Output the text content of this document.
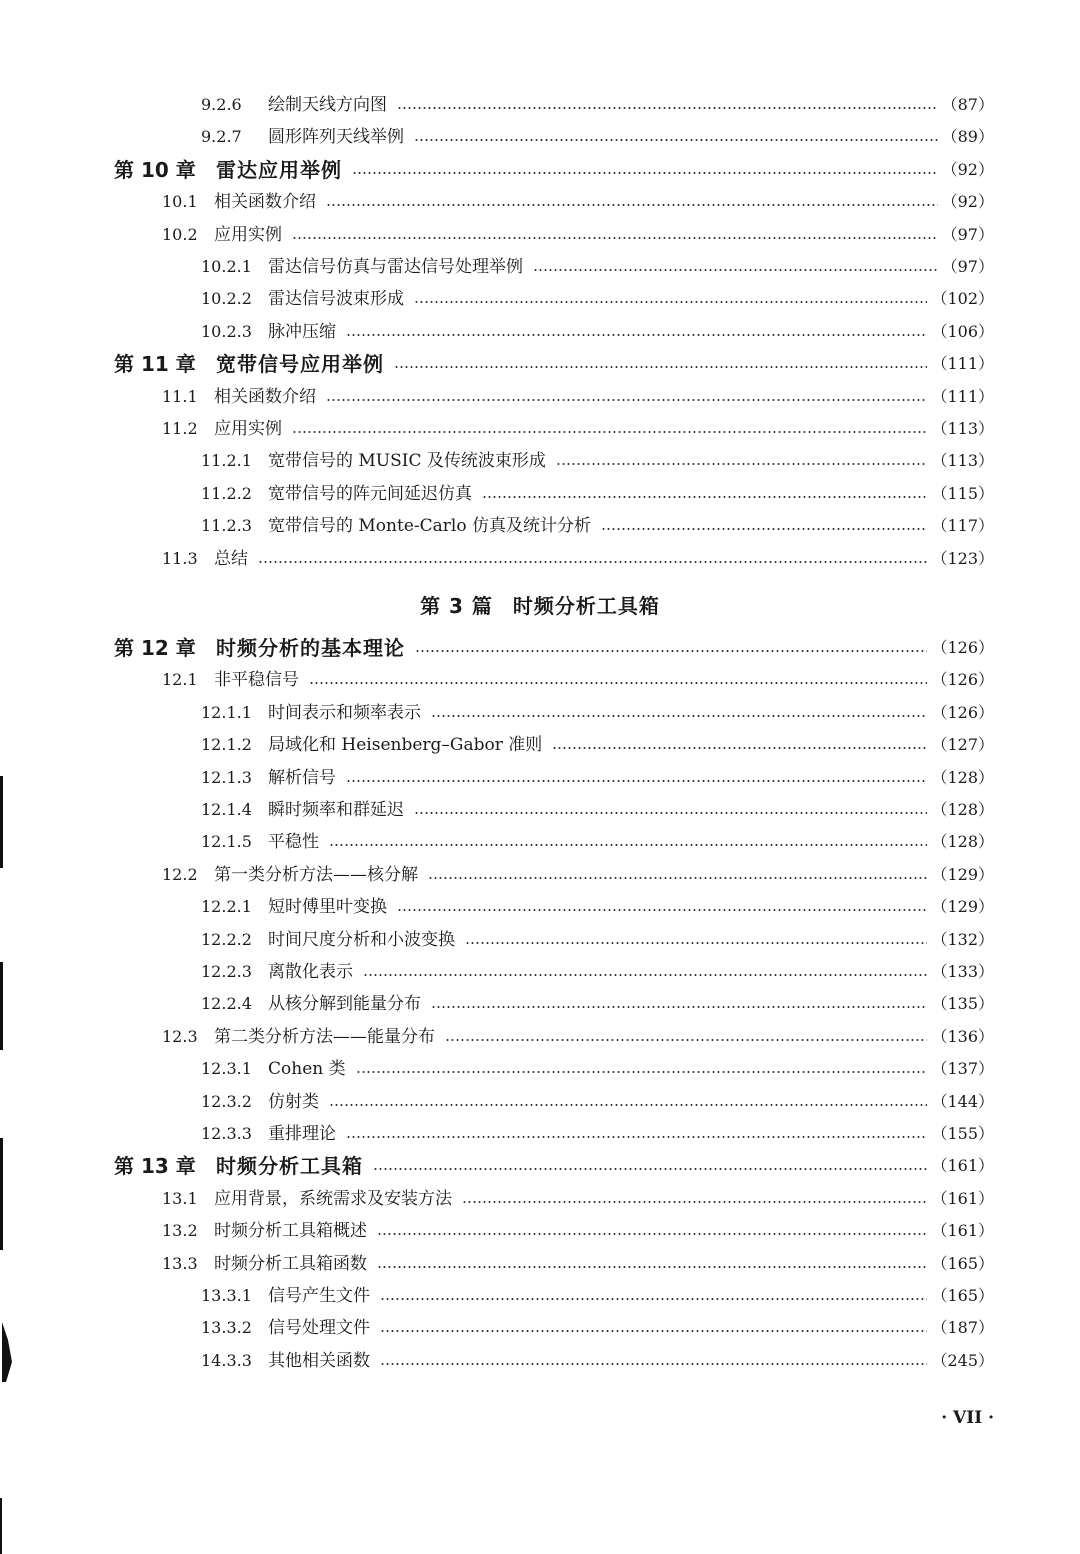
9.2.6	绘制天线方向图	（87）
9.2.7	圆形阵列天线举例	（89）
第 10 章	雷达应用举例	（92）
10.1 相关函数介绍	（92）
10.2 应用实例	（97）
10.2.1 雷达信号仿真与雷达信号处理举例	（97）
10.2.2 雷达信号波束形成	（102）
10.2.3 脉冲压缩	（106）
第 11 章	宽带信号应用举例	（111）
11.1 相关函数介绍	（111）
11.2 应用实例	（113）
11.2.1 宽带信号的 MUSIC 及传统波束形成	（113）
11.2.2 宽带信号的阵元间延迟仿真	（115）
11.2.3 宽带信号的 Monte-Carlo 仿真及统计分析	（117）
11.3 总结	（123）
第 3 篇 时频分析工具箱
第 12 章	时频分析的基本理论	（126）
12.1 非平稳信号	（126）
12.1.1 时间表示和频率表示	（126）
12.1.2 局域化和 Heisenberg–Gabor 准则	（127）
12.1.3 解析信号	（128）
12.1.4 瞬时频率和群延迟	（128）
12.1.5 平稳性	（128）
12.2 第一类分析方法——核分解	（129）
12.2.1 短时傅里叶变换	（129）
12.2.2 时间尺度分析和小波变换	（132）
12.2.3 离散化表示	（133）
12.2.4 从核分解到能量分布	（135）
12.3 第二类分析方法——能量分布	（136）
12.3.1 Cohen 类	（137）
12.3.2 仿射类	（144）
12.3.3 重排理论	（155）
第 13 章	时频分析工具箱	（161）
13.1 应用背景，系统需求及安装方法	（161）
13.2 时频分析工具箱概述	（161）
13.3 时频分析工具箱函数	（165）
13.3.1 信号产生文件	（165）
13.3.2 信号处理文件	（187）
14.3.3 其他相关函数	（245）
· VII ·
